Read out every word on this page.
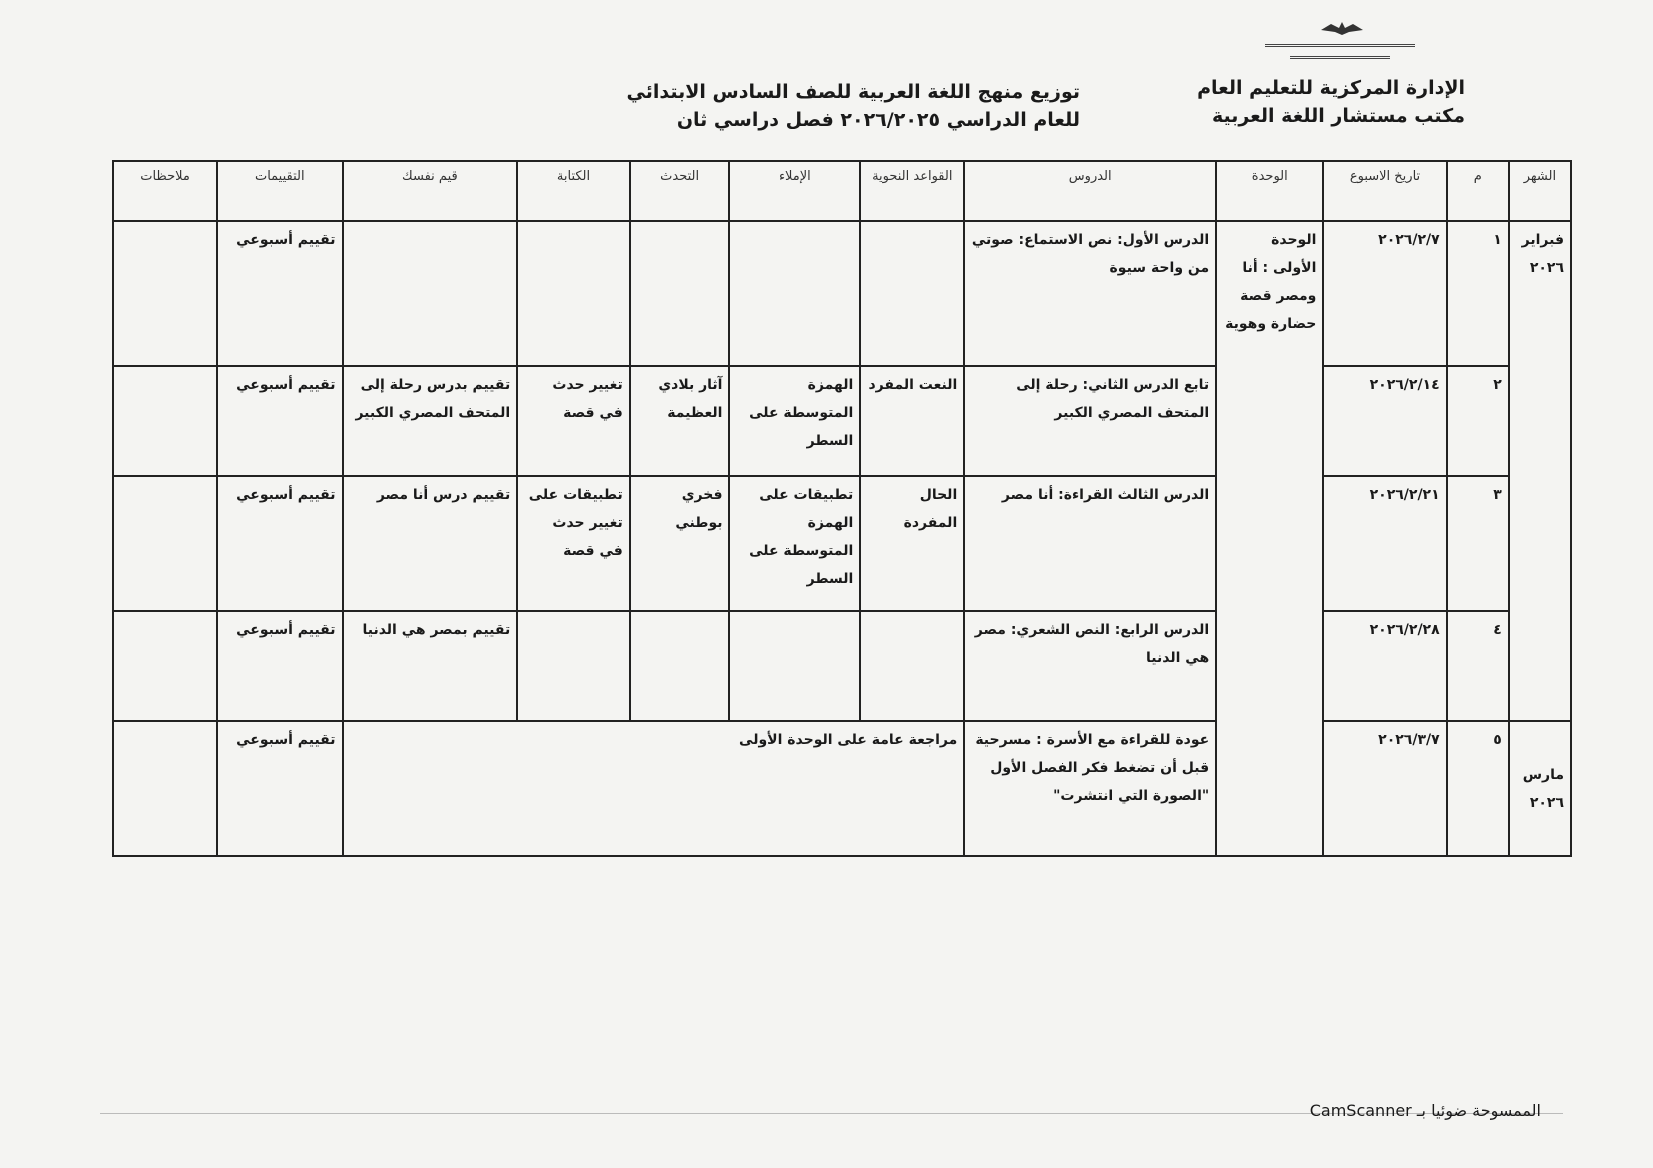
الإدارة المركزية للتعليم العام
مكتب مستشار اللغة العربية
توزيع منهج اللغة العربية للصف السادس الابتدائي
للعام الدراسي ٢٠٢٦/٢٠٢٥ فصل دراسي ثان
الشهر	م	تاريخ الاسبوع	الوحدة	الدروس	القواعد النحوية	الإملاء	التحدث	الكتابة	قيم نفسك	التقييمات	ملاحظات
فبراير ٢٠٢٦	١	٢٠٢٦/٢/٧	الوحدة الأولى : أنا ومصر قصة حضارة وهوية	الدرس الأول: نص الاستماع: صوتي من واحة سيوة						تقييم أسبوعي	
	٢	٢٠٢٦/٢/١٤		تابع الدرس الثاني: رحلة إلى المتحف المصري الكبير	النعت المفرد	الهمزة المتوسطة على السطر	آثار بلادي العظيمة	تغيير حدث في قصة	تقييم بدرس رحلة إلى المتحف المصري الكبير	تقييم أسبوعي	
	٣	٢٠٢٦/٢/٢١		الدرس الثالث القراءة: أنا مصر	الحال المفردة	تطبيقات على الهمزة المتوسطة على السطر	فخري بوطني	تطبيقات على تغيير حدث في قصة	تقييم درس أنا مصر	تقييم أسبوعي	
	٤	٢٠٢٦/٢/٢٨		الدرس الرابع: النص الشعري: مصر هي الدنيا					تقييم بمصر هي الدنيا	تقييم أسبوعي	
مارس ٢٠٢٦	٥	٢٠٢٦/٣/٧		عودة للقراءة مع الأسرة : مسرحية قبل أن تضغط فكر الفصل الأول "الصورة التي انتشرت"	مراجعة عامة على الوحدة الأولى					تقييم أسبوعي	
الممسوحة ضوئيا بـ CamScanner
